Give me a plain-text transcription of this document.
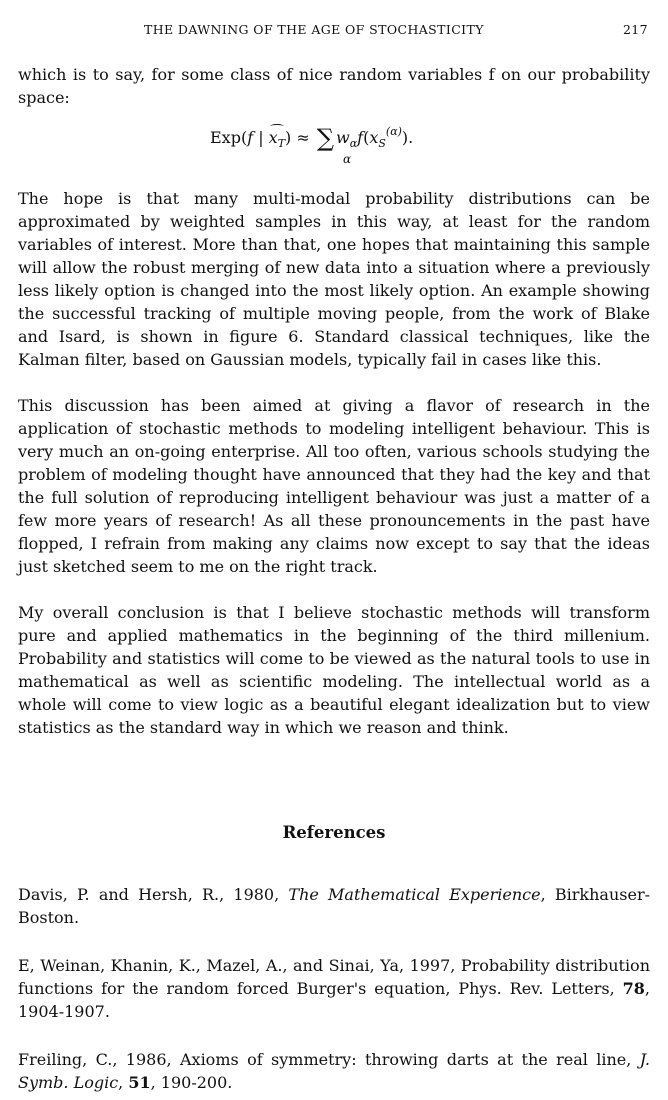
THE DAWNING OF THE AGE OF STOCHASTICITY	217

which is to say, for some class of nice random variables f on our probability space:

Exp(f | $x_T$) ≈ ∑ $w_\alpha f(x_S^{(\alpha)})$.
α

The hope is that many multi-modal probability distributions can be approximated by weighted samples in this way, at least for the random variables of interest. More than that, one hopes that maintaining this sample will allow the robust merging of new data into a situation where a previously less likely option is changed into the most likely option. An example showing the successful tracking of multiple moving people, from the work of Blake and Isard, is shown in figure 6. Standard classical techniques, like the Kalman filter, based on Gaussian models, typically fail in cases like this.

This discussion has been aimed at giving a flavor of research in the application of stochastic methods to modeling intelligent behaviour. This is very much an on-going enterprise. All too often, various schools studying the problem of modeling thought have announced that they had the key and that the full solution of reproducing intelligent behaviour was just a matter of a few more years of research! As all these pronouncements in the past have flopped, I refrain from making any claims now except to say that the ideas just sketched seem to me on the right track.

My overall conclusion is that I believe stochastic methods will transform pure and applied mathematics in the beginning of the third millenium. Probability and statistics will come to be viewed as the natural tools to use in mathematical as well as scientific modeling. The intellectual world as a whole will come to view logic as a beautiful elegant idealization but to view statistics as the standard way in which we reason and think.

References

Davis, P. and Hersh, R., 1980, The Mathematical Experience, Birkhauser-Boston.

E, Weinan, Khanin, K., Mazel, A., and Sinai, Ya, 1997, Probability distribution functions for the random forced Burger's equation, Phys. Rev. Letters, 78, 1904-1907.

Freiling, C., 1986, Axioms of symmetry: throwing darts at the real line, J. Symb. Logic, 51, 190-200.
